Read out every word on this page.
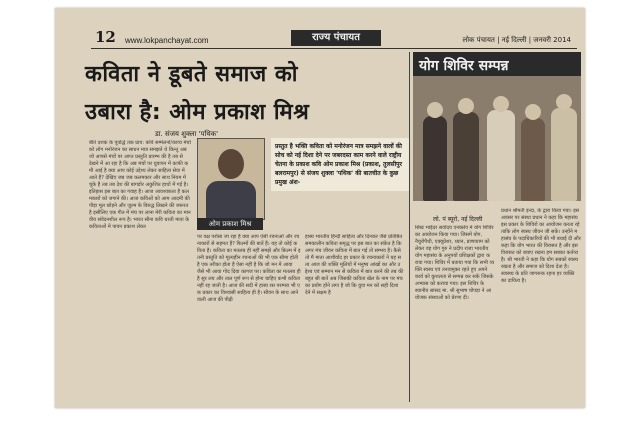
12 www.lokpanchayat.com	राज्य पंचायत	लोक पंचायत | नई दिल्ली | जनवरी 2014
कविता ने डूबते समाज को
उबारा है: ओम प्रकाश मिश्र
डा. संजय शुक्ला 'पथिक'
बीते दशक के पूर्वार्द्ध तक प्राय: कवि सम्मेलनों/काव्य मंचों को लोग मनोरंजन का साधन मात्र समझते थे किन्तु अब जो आपसे मंचों पर आप्त प्रस्तुति प्रारम्भ की है तब से देखने में आ रहा है कि अब मंचों पर युवापन में काफी कमी आई है क्या आप कोई उद्देश्य लेकर साहित्य सेवा में आते हैं? देखिए जब जब कलमकार और साथ नियम में चूके हैं तब तब देश की बागडोर अकुशित हाथों में गई है। इतिहास इस बात का गवाह है। आज आवश्यकता है कलमकारों को जगाने की। आज कविओं को आम आदमी की पीड़ा मूल छोड़ने और जुल्म के विरुद्ध लिखने की जरूरत है इसीलिए एक गीत में मंच पर लाना मेरी कविता का मानवीय संवेदनशील रूप है। भारत सीना कवि धरती माता के कविताओं में पावन प्रकाश लेकर	ओम प्रकाश मिश्र
प्रस्तुत है भक्ति कविता को मनोरंजन मात्र समझने वालों की सोच को नई दिशा देने पर जबरदस्त काम करने वाले राष्ट्रीय चेतना के प्रकाश कवि ओम प्रकाश मिश्र (प्रकाश, तुलसीपुर बलरामपुर) से संजय शुक्ला 'पथिक' की बातचीत के कुछ प्रमुख अंश-
पर वक्ष परोसा जा रहा है क्या आप ऐसी रचनाओं और रचनाकारों से सहमत हैं? फिल्मों की बातें हैं। यह तो कोई कविता है। कविता का मतलब ही नहीं समझे और फ़िल्म में इतनी प्रस्तुति को मूल्यहीन रचनाओं की भी एक सीमा होती है एक तरीका होता है ऐसा नहीं है कि जो मन में आया जैसे भी आया गोद दिया कागज पर। कविता का मतलब ही है सुर लय और ताल पूर्ण रूप से होना चाहिए कभी कविता नहीं रह जाती है। आज की सदी में हास्य रस परम्परा भी एक प्रकार का विश्वासी साहित्य ही है। सीवन के साथ आने वाली आज की पीढ़ी
हास्य भारतीय हिन्दी साहित्य और दिनकर जैसे प्रतिष्ठित समकालीन कविता समृद्ध पर इस बात का संकेत है कि अगर मंच जीवन कविता में बात गई तो सम्भव है। कैसे तो मैं माता आशीर्वाद हर प्रकार के रचनाकारों ने यह सत्य आज की शक्ति मूलियों में मनुष्य आंखों का और उद्देश्य एवं सम्मान मन से कविता में बात करने की तब की बहुत सी बातें अब जिसकी कविता खेल के नाम पर मंच का प्रयोग होने लगा है जो कि युवा मन को सही दिशा देने में सक्षम है
योग शिविर सम्पन्न
लो. पं ब्यूरो, नई दिल्ली
सिख भाईदर सर्वोदय एनक्लेव में योग शिविर का आयोजन किया गया। जिसमें योग, नैचुरोपैथी, एक्यूप्रेशर, ध्यान, प्राणायाम को लेकर वह योग गुरु ने प्रदीप राजा भारतीय योग महासंघ के अनुपयों प्रशिक्षकों द्वारा कराया गया। शिविर में बताया गया कि सभी व्यक्ति स्वस्थ एवं तनावमुक्त रहते हुए अपने कार्य को कुशलता से सम्पन्न कर सकें जिसके अभ्यास को कराया गया। इस शिविर के स्थानीय सांसद मा. श्री सुभाष चोपड़ा ने आयोजक संस्थाओं को प्रेरणा दी।
प्रधान श्रीमती इन्दा, के द्वारा किया गया। इस अवसर पर संस्था प्रधान ने कहा कि महासंघ इस प्रकार के शिविरों का आयोजन करता रहे ताकि लोग स्वस्थ जीवन जी सकें। उन्होंने महासंघ के पदाधिकारियों की भी बधाई दी और कहा कि योग भारत की विरासत है और इस विरासत को बचाए रखना हम सबका कर्तव्य है। श्री भारती ने कहा कि योग सबको स्वस्थ रखता है और समाज को दिशा देता है। स्वास्थ्य के प्रति जागरूक रहना हर व्यक्ति का दायित्व है।
